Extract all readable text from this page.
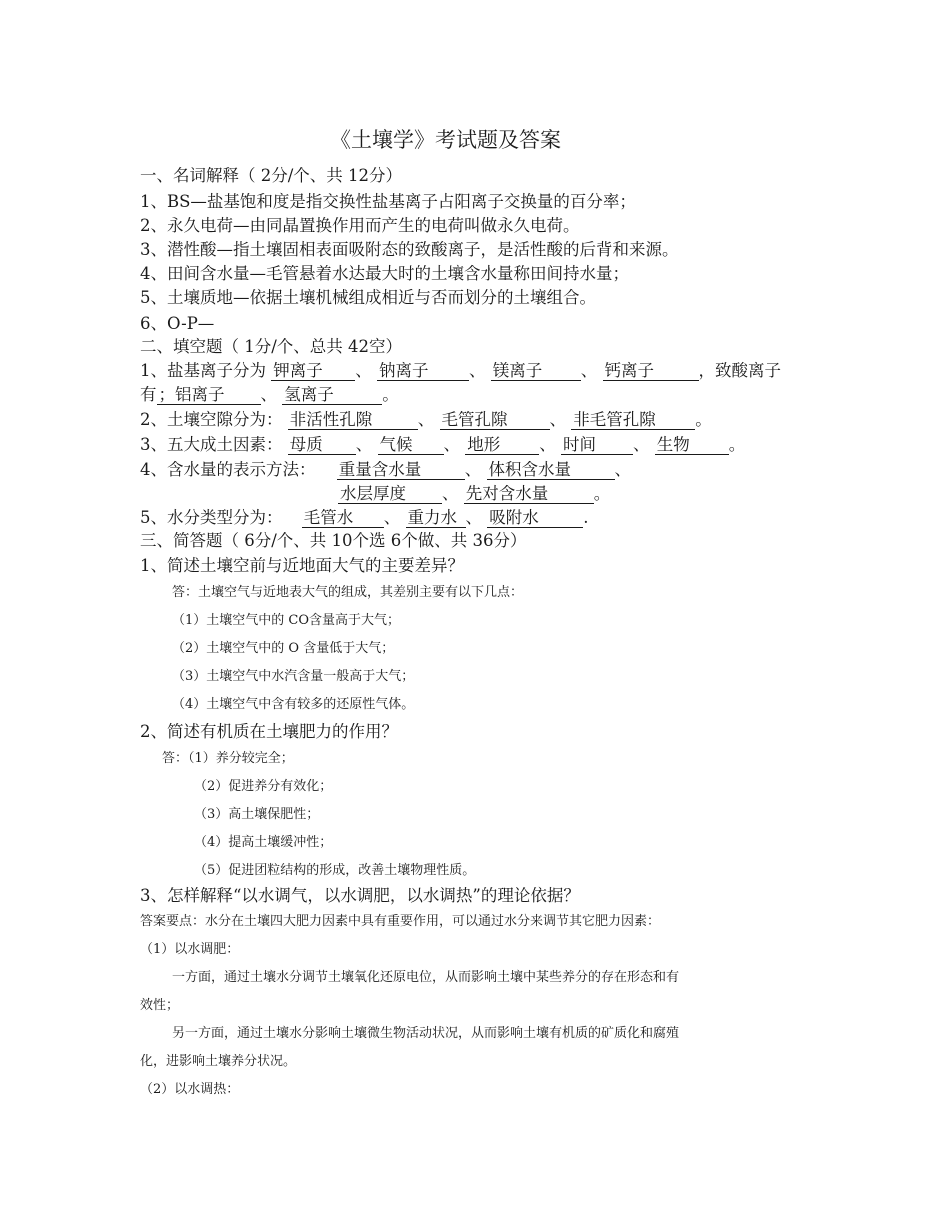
《土壤学》考试题及答案
一、名词解释（ 2分/个、共 12分）
1、BS—盐基饱和度是指交换性盐基离子占阳离子交换量的百分率；
2、永久电荷—由同晶置换作用而产生的电荷叫做永久电荷。
3、潜性酸—指土壤固相表面吸附态的致酸离子，是活性酸的后背和来源。
4、田间含水量—毛管悬着水达最大时的土壤含水量称田间持水量；
5、土壤质地—依据土壤机械组成相近与否而划分的土壤组合。
6、O-P—
二、填空题（ 1分/个、总共 42空）
1、盐基离子分为 钾离子 、 钠离子 、 镁离子 、 钙离子	，致酸离子
有 ；铝离子 、 氢离子	。
2、土壤空隙分为： 非活性孔隙	、 毛管孔隙	、 非毛管孔隙 。
3、五大成土因素： 母质 、 气候 、 地形 、 时间 、 生物 。
4、含水量的表示方法： 重量含水量	、 体积含水量	、
水层厚度 、 先对含水量	。
5、水分类型分为： 毛管水 、 重力水 、 吸附水	.
三、简答题（ 6分/个、共 10个选 6个做、共 36分）
1、简述土壤空前与近地面大气的主要差异？
答：土壤空气与近地表大气的组成，其差别主要有以下几点：
（1）土壤空气中的 CO含量高于大气；
（2）土壤空气中的 O 含量低于大气；
（3）土壤空气中水汽含量一般高于大气；
（4）土壤空气中含有较多的还原性气体。
2、简述有机质在土壤肥力的作用？
答：（1）养分较完全；
（2）促进养分有效化；
（3）高土壤保肥性；
（4）提高土壤缓冲性；
（5）促进团粒结构的形成，改善土壤物理性质。
3、怎样解释“以水调气，以水调肥，以水调热”的理论依据？
答案要点：水分在土壤四大肥力因素中具有重要作用，可以通过水分来调节其它肥力因素：
（1）以水调肥：
一方面，通过土壤水分调节土壤氧化还原电位，从而影响土壤中某些养分的存在形态和有
效性；
另一方面，通过土壤水分影响土壤微生物活动状况，从而影响土壤有机质的矿质化和腐殖
化，进影响土壤养分状况。
（2）以水调热：
